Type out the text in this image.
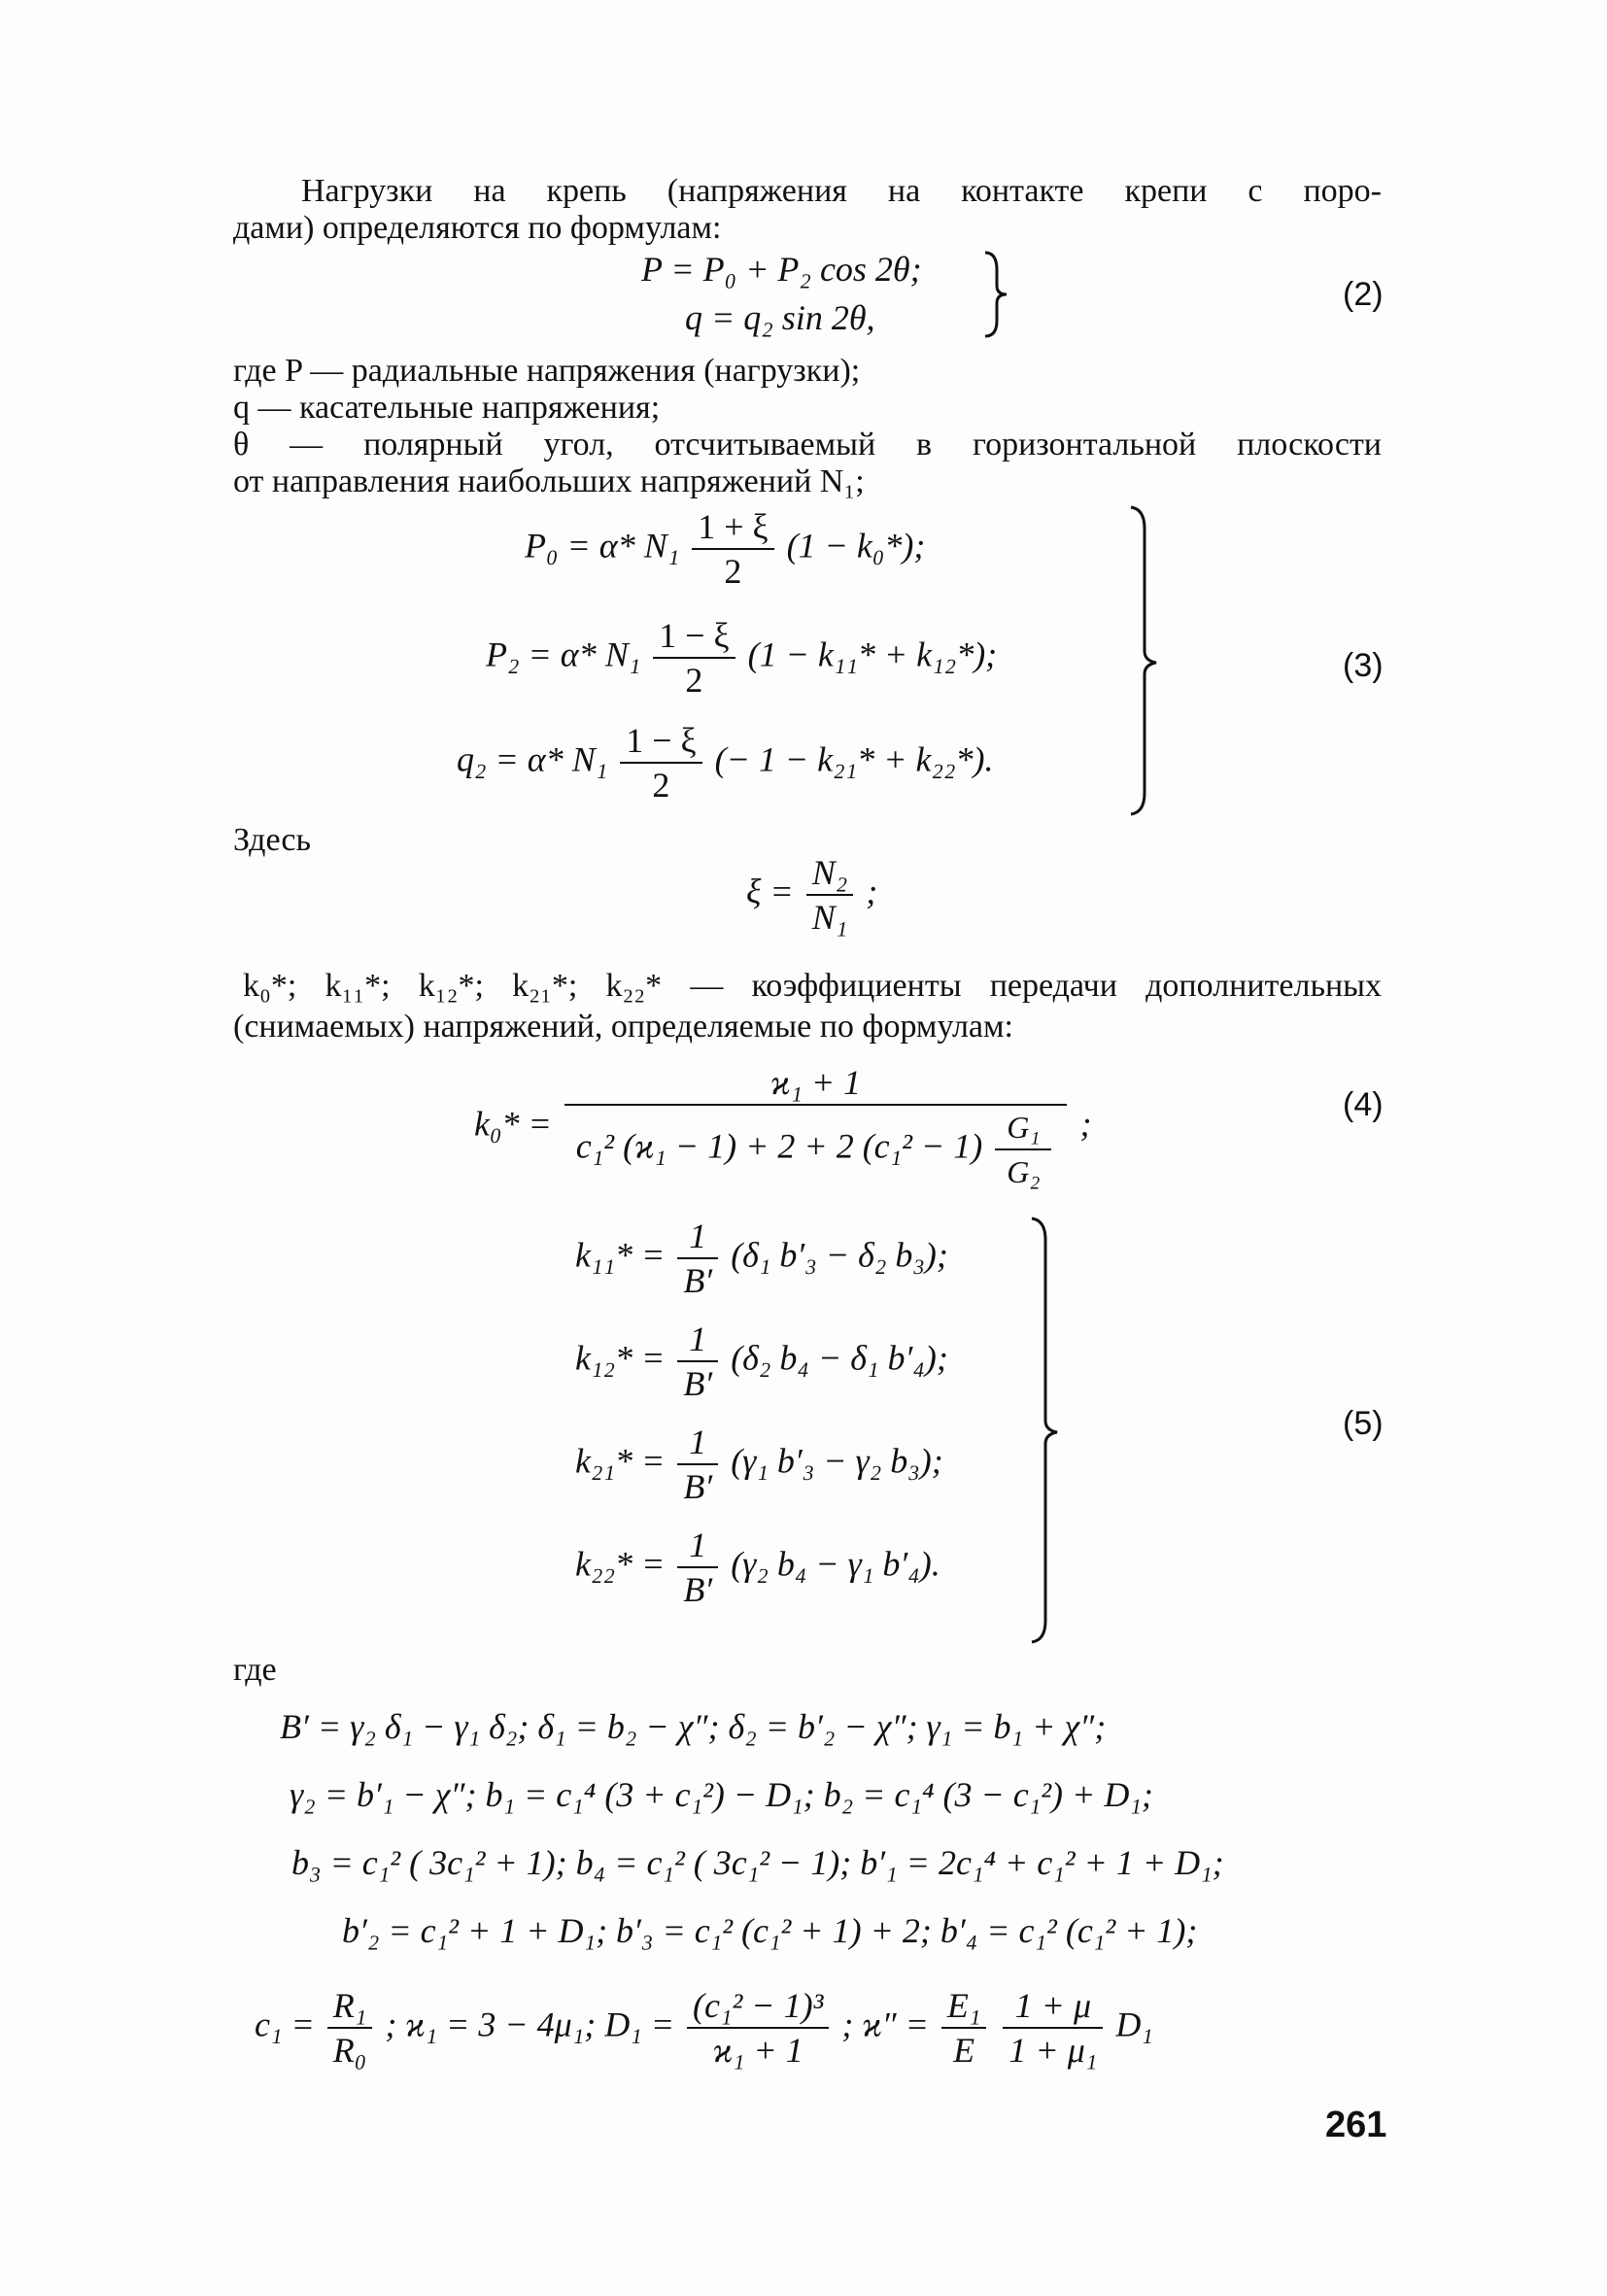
Нагрузки на крепь (напряжения на контакте крепи с поро-
дами) определяются по формулам:
P = P₀ + P₂ cos 2θ;
q = q₂ sin 2θ,
(2)
где P — радиальные напряжения (нагрузки);
q — касательные напряжения;
θ — полярный угол, отсчитываемый в горизонтальной плоскости
от направления наибольших напряжений N₁;
P₀ = α* $N_1 \frac{1 + \xi}{2} (1 - k_0*)$;
P₂ = α* $N_1 \frac{1 - \xi}{2} (1 - k_{11}* + k_{12}*)$;
q₂ = α* $N_1 \frac{1 - \xi}{2}$ (− 1 − k₂₁* + k₂₂*).
(3)
Здесь
$\xi = \frac{\text{N₂}}{\text{N₁}}$ ;
k₀*; k₁₁*; k₁₂*; k₂₁*; k₂₂* — коэффициенты передачи дополнительных
(снимаемых) напряжений, определяемые по формулам:
$k_0* = \frac{\text{ϰ₁ + 1}}{c_1^2 (ϰ_1 - 1) + 2 + 2 (c_1^2 - 1) \frac{\text{G₁}}{\text{G₂}}}$ ;	(4)
$k_{11}* = \frac{1}{B'} (\delta_1$ b′₃ − δ₂ b₃);
$k_{12}* = \frac{1}{B'} (\delta_2$ b₄ − δ₁ b′₄);
$k_{21}* = \frac{1}{B'} (\gamma_1$ b′₃ − γ₂ b₃);
$k_{22}* = \frac{1}{B'} (\gamma_2$ b₄ − γ₁ b′₄).
(5)
где
B′ = γ₂ δ₁ − γ₁ δ₂; δ₁ = b₂ − χ″; δ₂ = b′₂ − χ″; γ₁ = b₁ + χ″;
γ₂ = b′₁ − χ″; b₁ = c₁⁴ (3 + c₁²) − D₁; b₂ = c₁⁴ (3 − c₁²) + D₁;
b₃ = c₁² ( 3c₁² + 1); b₄ = c₁² ( 3c₁² − 1); b′₁ = 2c₁⁴ + c₁² + 1 + D₁;
b′₂ = c₁² + 1 + D₁; b′₃ = c₁² (c₁² + 1) + 2; b′₄ = c₁² (c₁² + 1);
$c_1 = \frac{\text{R₁}}{\text{R₀}}$ ; ϰ₁ = 3 − 4μ₁; $D_1 = \frac{\text{(c₁² − 1)³}}{\text{ϰ₁ + 1}}$ ; $ϰ'' = \frac{\text{E₁}}{E}$
$\frac{1 + \mu}{\text{1 + μ₁}} D_1$
261
